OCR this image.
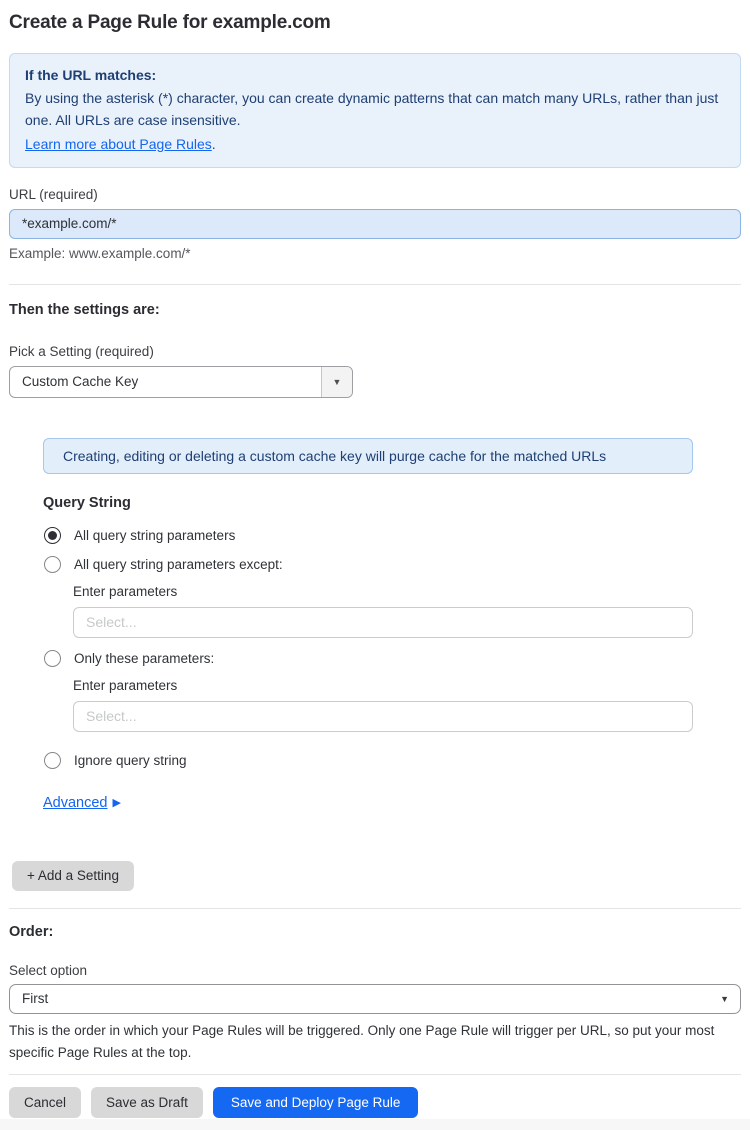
Create a Page Rule for example.com
If the URL matches:
By using the asterisk (*) character, you can create dynamic patterns that can match many URLs, rather than just one. All URLs are case insensitive.
Learn more about Page Rules.
URL (required)
*example.com/*
Example: www.example.com/*
Then the settings are:
Pick a Setting (required)
Custom Cache Key	▼
Creating, editing or deleting a custom cache key will purge cache for the matched URLs
Query String
All query string parameters
All query string parameters except:
Enter parameters
Select...
Only these parameters:
Enter parameters
Select...
Ignore query string
Advanced ▶
+ Add a Setting
Order:
Select option
First	▼
This is the order in which your Page Rules will be triggered. Only one Page Rule will trigger per URL, so put your most specific Page Rules at the top.
Cancel	Save as Draft	Save and Deploy Page Rule
